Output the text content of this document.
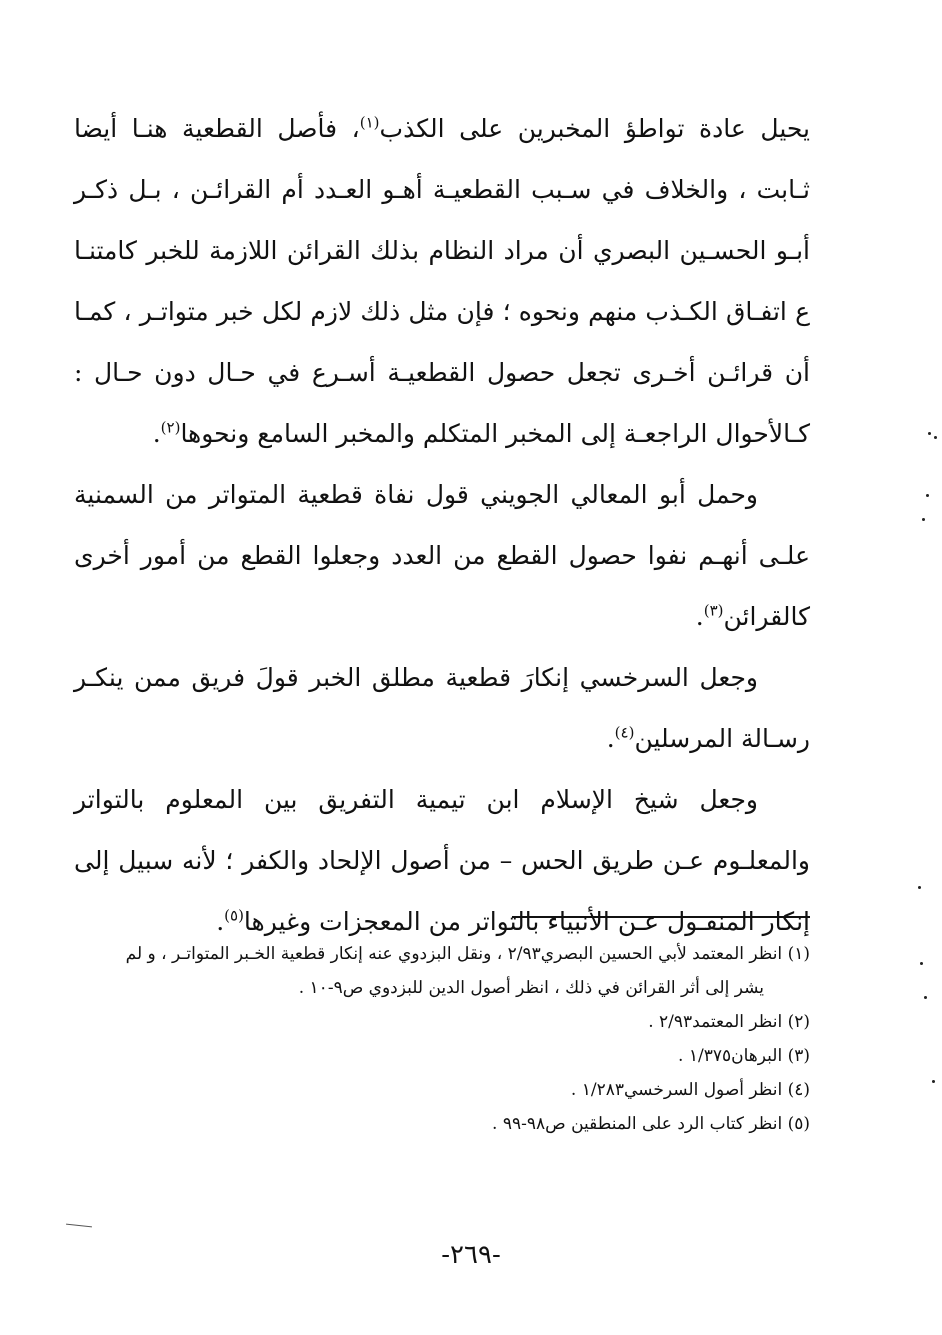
يحيل عادة تواطؤ المخبرين على الكذب$^{(١)}$، فأصل القطعية هنـا أيضا ثـابت ، والخلاف في سـبب القطعيـة أهـو العـدد أم القرائـن ، بـل ذكـر أبـو الحسـين البصري أن مراد النظام بذلك القرائن اللازمة للخبر كامتنـا ع اتفـاق الكـذب منهم ونحوه ؛ فإن مثل ذلك لازم لكل خبر متواتـر ، كمـا أن قرائـن أخـرى تجعل حصول القطعيـة أسـرع في حـال دون حـال : كـالأحوال الراجعـة إلى المخبر المتكلم والمخبر السامع ونحوها$^{(٢)}$.

وحمل أبو المعالي الجويني قول نفاة قطعية المتواتر من السمنية علـى أنهـم نفوا حصول القطع من العدد وجعلوا القطع من أمور أخرى كالقرائن$^{(٣)}$.

وجعل السرخسي إنكارَ قطعية مطلق الخبر قولَ فريق ممن ينكـر رسـالة المرسلين$^{(٤)}$.

وجعل شيخ الإسلام ابن تيمية التفريق بين المعلوم بالتواتر والمعلـوم عـن طريق الحس – من أصول الإلحاد والكفر ؛ لأنه سبيل إلى إنكار المنقـول عـن الأنبياء بالتواتر من المعجزات وغيرها$^{(٥)}$.

(١) انظر المعتمد لأبي الحسين البصري٢/٩٣ ، ونقل البزدوي عنه إنكار قطعية الخـبر المتواتـر ، و لم

يشر إلى أثر القرائن في ذلك ، انظر أصول الدين للبزدوي ص٩-١٠ .

(٢) انظر المعتمد٢/٩٣ .

(٣) البرهان١/٣٧٥ .

(٤) انظر أصول السرخسي١/٢٨٣ .

(٥) انظر كتاب الرد على المنطقين ص٩٨-٩٩ .

-٢٦٩-
